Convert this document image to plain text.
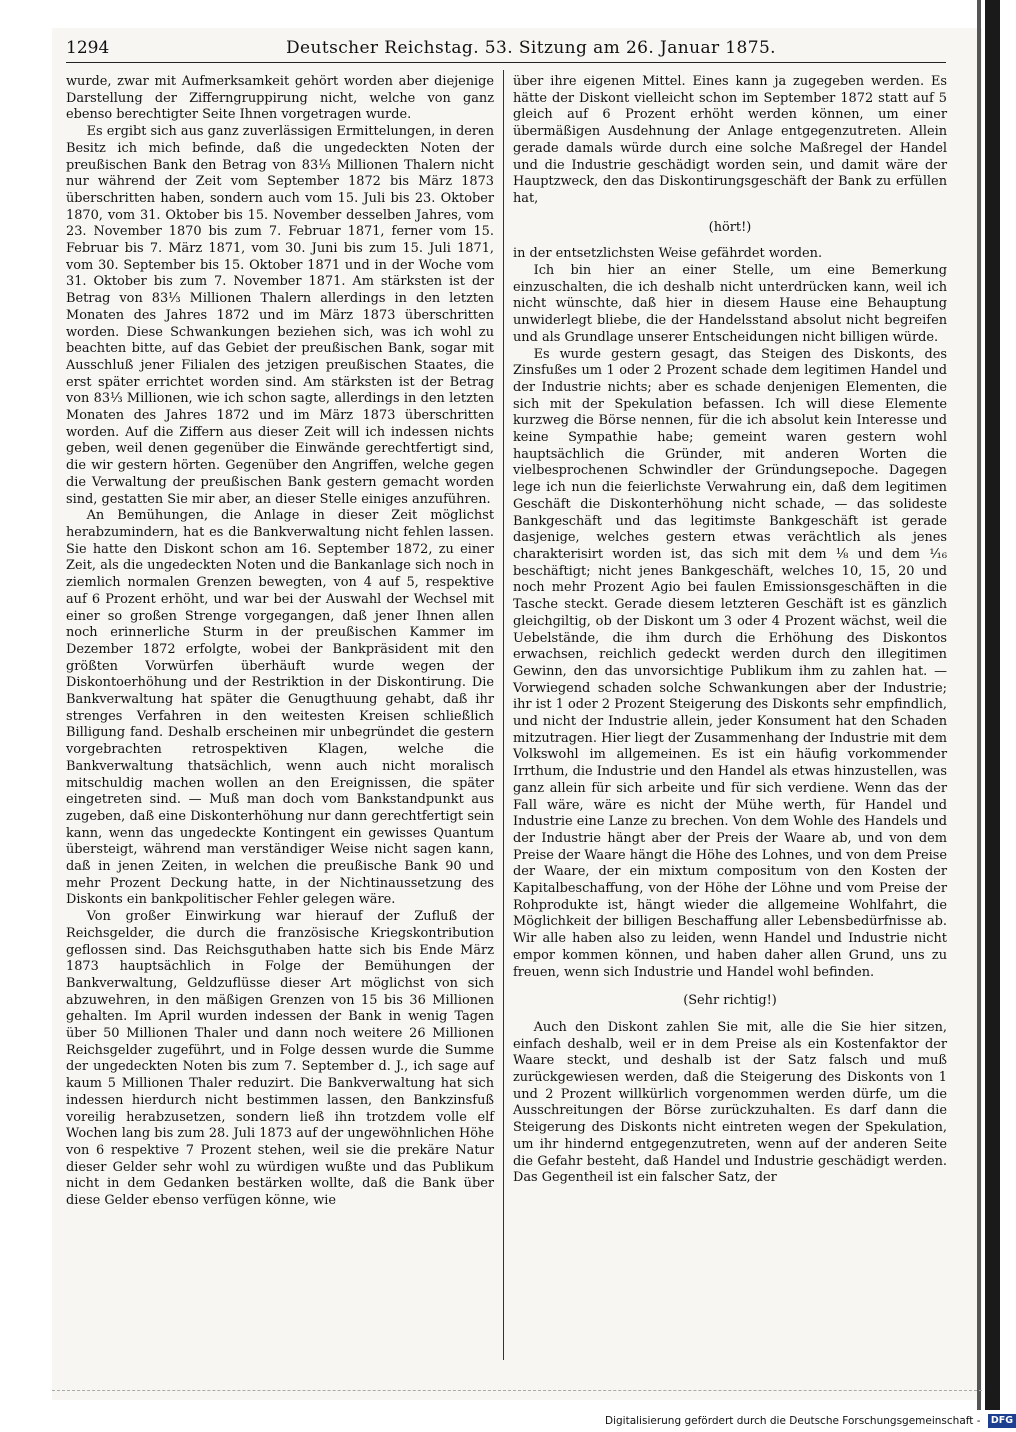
1294	Deutscher Reichstag. 53. Sitzung am 26. Januar 1875.

wurde, zwar mit Aufmerksamkeit gehört worden aber diejenige Darstellung der Zifferngruppirung nicht, welche von ganz ebenso berechtigter Seite Ihnen vorgetragen wurde.

Es ergibt sich aus ganz zuverlässigen Ermittelungen, in deren Besitz ich mich befinde, daß die ungedeckten Noten der preußischen Bank den Betrag von 83⅓ Millionen Thalern nicht nur während der Zeit vom September 1872 bis März 1873 überschritten haben, sondern auch vom 15. Juli bis 23. Oktober 1870, vom 31. Oktober bis 15. November desselben Jahres, vom 23. November 1870 bis zum 7. Februar 1871, ferner vom 15. Februar bis 7. März 1871, vom 30. Juni bis zum 15. Juli 1871, vom 30. September bis 15. Oktober 1871 und in der Woche vom 31. Oktober bis zum 7. November 1871. Am stärksten ist der Betrag von 83⅓ Millionen Thalern allerdings in den letzten Monaten des Jahres 1872 und im März 1873 überschritten worden. Diese Schwankungen beziehen sich, was ich wohl zu beachten bitte, auf das Gebiet der preußischen Bank, sogar mit Ausschluß jener Filialen des jetzigen preußischen Staates, die erst später errichtet worden sind. Am stärksten ist der Betrag von 83⅓ Millionen, wie ich schon sagte, allerdings in den letzten Monaten des Jahres 1872 und im März 1873 überschritten worden. Auf die Ziffern aus dieser Zeit will ich indessen nichts geben, weil denen gegenüber die Einwände gerechtfertigt sind, die wir gestern hörten. Gegenüber den Angriffen, welche gegen die Verwaltung der preußischen Bank gestern gemacht worden sind, gestatten Sie mir aber, an dieser Stelle einiges anzuführen.

An Bemühungen, die Anlage in dieser Zeit möglichst herabzumindern, hat es die Bankverwaltung nicht fehlen lassen. Sie hatte den Diskont schon am 16. September 1872, zu einer Zeit, als die ungedeckten Noten und die Bankanlage sich noch in ziemlich normalen Grenzen bewegten, von 4 auf 5, respektive auf 6 Prozent erhöht, und war bei der Auswahl der Wechsel mit einer so großen Strenge vorgegangen, daß jener Ihnen allen noch erinnerliche Sturm in der preußischen Kammer im Dezember 1872 erfolgte, wobei der Bankpräsident mit den größten Vorwürfen überhäuft wurde wegen der Diskontoerhöhung und der Restriktion in der Diskontirung. Die Bankverwaltung hat später die Genugthuung gehabt, daß ihr strenges Verfahren in den weitesten Kreisen schließlich Billigung fand. Deshalb erscheinen mir unbegründet die gestern vorgebrachten retrospektiven Klagen, welche die Bankverwaltung thatsächlich, wenn auch nicht moralisch mitschuldig machen wollen an den Ereignissen, die später eingetreten sind. — Muß man doch vom Bankstandpunkt aus zugeben, daß eine Diskonterhöhung nur dann gerechtfertigt sein kann, wenn das ungedeckte Kontingent ein gewisses Quantum übersteigt, während man verständiger Weise nicht sagen kann, daß in jenen Zeiten, in welchen die preußische Bank 90 und mehr Prozent Deckung hatte, in der Nichtinaussetzung des Diskonts ein bankpolitischer Fehler gelegen wäre.

Von großer Einwirkung war hierauf der Zufluß der Reichsgelder, die durch die französische Kriegskontribution geflossen sind. Das Reichsguthaben hatte sich bis Ende März 1873 hauptsächlich in Folge der Bemühungen der Bankverwaltung, Geldzuflüsse dieser Art möglichst von sich abzuwehren, in den mäßigen Grenzen von 15 bis 36 Millionen gehalten. Im April wurden indessen der Bank in wenig Tagen über 50 Millionen Thaler und dann noch weitere 26 Millionen Reichsgelder zugeführt, und in Folge dessen wurde die Summe der ungedeckten Noten bis zum 7. September d. J., ich sage auf kaum 5 Millionen Thaler reduzirt. Die Bankverwaltung hat sich indessen hierdurch nicht bestimmen lassen, den Bankzinsfuß voreilig herabzusetzen, sondern ließ ihn trotzdem volle elf Wochen lang bis zum 28. Juli 1873 auf der ungewöhnlichen Höhe von 6 respektive 7 Prozent stehen, weil sie die prekäre Natur dieser Gelder sehr wohl zu würdigen wußte und das Publikum nicht in dem Gedanken bestärken wollte, daß die Bank über diese Gelder ebenso verfügen könne, wie

über ihre eigenen Mittel. Eines kann ja zugegeben werden. Es hätte der Diskont vielleicht schon im September 1872 statt auf 5 gleich auf 6 Prozent erhöht werden können, um einer übermäßigen Ausdehnung der Anlage entgegenzutreten. Allein gerade damals würde durch eine solche Maßregel der Handel und die Industrie geschädigt worden sein, und damit wäre der Hauptzweck, den das Diskontirungsgeschäft der Bank zu erfüllen hat,

(hört!)

in der entsetzlichsten Weise gefährdet worden.

Ich bin hier an einer Stelle, um eine Bemerkung einzuschalten, die ich deshalb nicht unterdrücken kann, weil ich nicht wünschte, daß hier in diesem Hause eine Behauptung unwiderlegt bliebe, die der Handelsstand absolut nicht begreifen und als Grundlage unserer Entscheidungen nicht billigen würde.

Es wurde gestern gesagt, das Steigen des Diskonts, des Zinsfußes um 1 oder 2 Prozent schade dem legitimen Handel und der Industrie nichts; aber es schade denjenigen Elementen, die sich mit der Spekulation befassen. Ich will diese Elemente kurzweg die Börse nennen, für die ich absolut kein Interesse und keine Sympathie habe; gemeint waren gestern wohl hauptsächlich die Gründer, mit anderen Worten die vielbesprochenen Schwindler der Gründungsepoche. Dagegen lege ich nun die feierlichste Verwahrung ein, daß dem legitimen Geschäft die Diskonterhöhung nicht schade, — das solideste Bankgeschäft und das legitimste Bankgeschäft ist gerade dasjenige, welches gestern etwas verächtlich als jenes charakterisirt worden ist, das sich mit dem ⅛ und dem ¹⁄₁₆ beschäftigt; nicht jenes Bankgeschäft, welches 10, 15, 20 und noch mehr Prozent Agio bei faulen Emissionsgeschäften in die Tasche steckt. Gerade diesem letzteren Geschäft ist es gänzlich gleichgiltig, ob der Diskont um 3 oder 4 Prozent wächst, weil die Uebelstände, die ihm durch die Erhöhung des Diskontos erwachsen, reichlich gedeckt werden durch den illegitimen Gewinn, den das unvorsichtige Publikum ihm zu zahlen hat. — Vorwiegend schaden solche Schwankungen aber der Industrie; ihr ist 1 oder 2 Prozent Steigerung des Diskonts sehr empfindlich, und nicht der Industrie allein, jeder Konsument hat den Schaden mitzutragen. Hier liegt der Zusammenhang der Industrie mit dem Volkswohl im allgemeinen. Es ist ein häufig vorkommender Irrthum, die Industrie und den Handel als etwas hinzustellen, was ganz allein für sich arbeite und für sich verdiene. Wenn das der Fall wäre, wäre es nicht der Mühe werth, für Handel und Industrie eine Lanze zu brechen. Von dem Wohle des Handels und der Industrie hängt aber der Preis der Waare ab, und von dem Preise der Waare hängt die Höhe des Lohnes, und von dem Preise der Waare, der ein mixtum compositum von den Kosten der Kapitalbeschaffung, von der Höhe der Löhne und vom Preise der Rohprodukte ist, hängt wieder die allgemeine Wohlfahrt, die Möglichkeit der billigen Beschaffung aller Lebensbedürfnisse ab. Wir alle haben also zu leiden, wenn Handel und Industrie nicht empor kommen können, und haben daher allen Grund, uns zu freuen, wenn sich Industrie und Handel wohl befinden.

(Sehr richtig!)

Auch den Diskont zahlen Sie mit, alle die Sie hier sitzen, einfach deshalb, weil er in dem Preise als ein Kostenfaktor der Waare steckt, und deshalb ist der Satz falsch und muß zurückgewiesen werden, daß die Steigerung des Diskonts von 1 und 2 Prozent willkürlich vorgenommen werden dürfe, um die Ausschreitungen der Börse zurückzuhalten. Es darf dann die Steigerung des Diskonts nicht eintreten wegen der Spekulation, um ihr hindernd entgegenzutreten, wenn auf der anderen Seite die Gefahr besteht, daß Handel und Industrie geschädigt werden. Das Gegentheil ist ein falscher Satz, der

Digitalisierung gefördert durch die Deutsche Forschungsgemeinschaft - DFG
